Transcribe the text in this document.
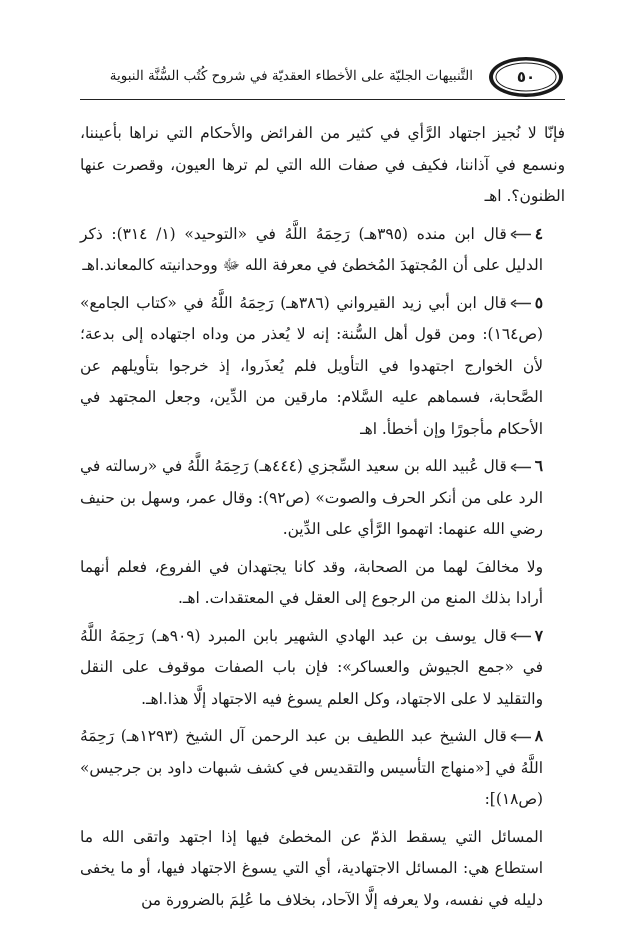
٥٠
التَّنبيهات الجليّة على الأخطاء العقديّة في شروح كُتُب السُّنَّة النبوية

فإنّا لا نُجيز اجتهاد الرَّأي في كثير من الفرائض والأحكام التي نراها بأعيننا، ونسمع في آذاننا، فكيف في صفات الله التي لم ترها العيون، وقصرت عنها الظنون؟. اهـ

٤قال ابن منده (٣٩٥هـ) رَحِمَهُ اللَّهُ في «التوحيد» (١/ ٣١٤): ذكر الدليل على أن المُجتهدَ المُخطئ في معرفة الله ﷻ ووحدانيته كالمعاند.اهـ

٥قال ابن أبي زيد القيرواني (٣٨٦هـ) رَحِمَهُ اللَّهُ في «كتاب الجامع» (ص١٦٤): ومن قول أهل السُّنة: إنه لا يُعذر من وداه اجتهاده إلى بدعة؛ لأن الخوارج اجتهدوا في التأويل فلم يُعذَروا، إذ خرجوا بتأويلهم عن الصَّحابة، فسماهم عليه السَّلام: مارقين من الدِّين، وجعل المجتهد في الأحكام مأجورًا وإن أخطأ. اهـ

٦قال عُبيد الله بن سعيد السِّجزي (٤٤٤هـ) رَحِمَهُ اللَّهُ في «رسالته في الرد على من أنكر الحرف والصوت» (ص٩٢): وقال عمر، وسهل بن حنيف رضي الله عنهما: اتهموا الرَّأي على الدِّين.

ولا مخالفَ لهما من الصحابة، وقد كانا يجتهدان في الفروع، فعلم أنهما أرادا بذلك المنع من الرجوع إلى العقل في المعتقدات. اهـ.

٧قال يوسف بن عبد الهادي الشهير بابن المبرد (٩٠٩هـ) رَحِمَهُ اللَّهُ في «جمع الجيوش والعساكر»: فإن باب الصفات موقوف على النقل والتقليد لا على الاجتهاد، وكل العلم يسوغ فيه الاجتهاد إلَّا هذا.اهـ.

٨قال الشيخ عبد اللطيف بن عبد الرحمن آل الشيخ (١٢٩٣هـ) رَحِمَهُ اللَّهُ في [«منهاج التأسيس والتقديس في كشف شبهات داود بن جرجيس» (ص١٨)]:

المسائل التي يسقط الذمّ عن المخطئ فيها إذا اجتهد واتقى الله ما استطاع هي: المسائل الاجتهادية، أي التي يسوغ الاجتهاد فيها، أو ما يخفى دليله في نفسه، ولا يعرفه إلَّا الآحاد، بخلاف ما عُلِمَ بالضرورة من
